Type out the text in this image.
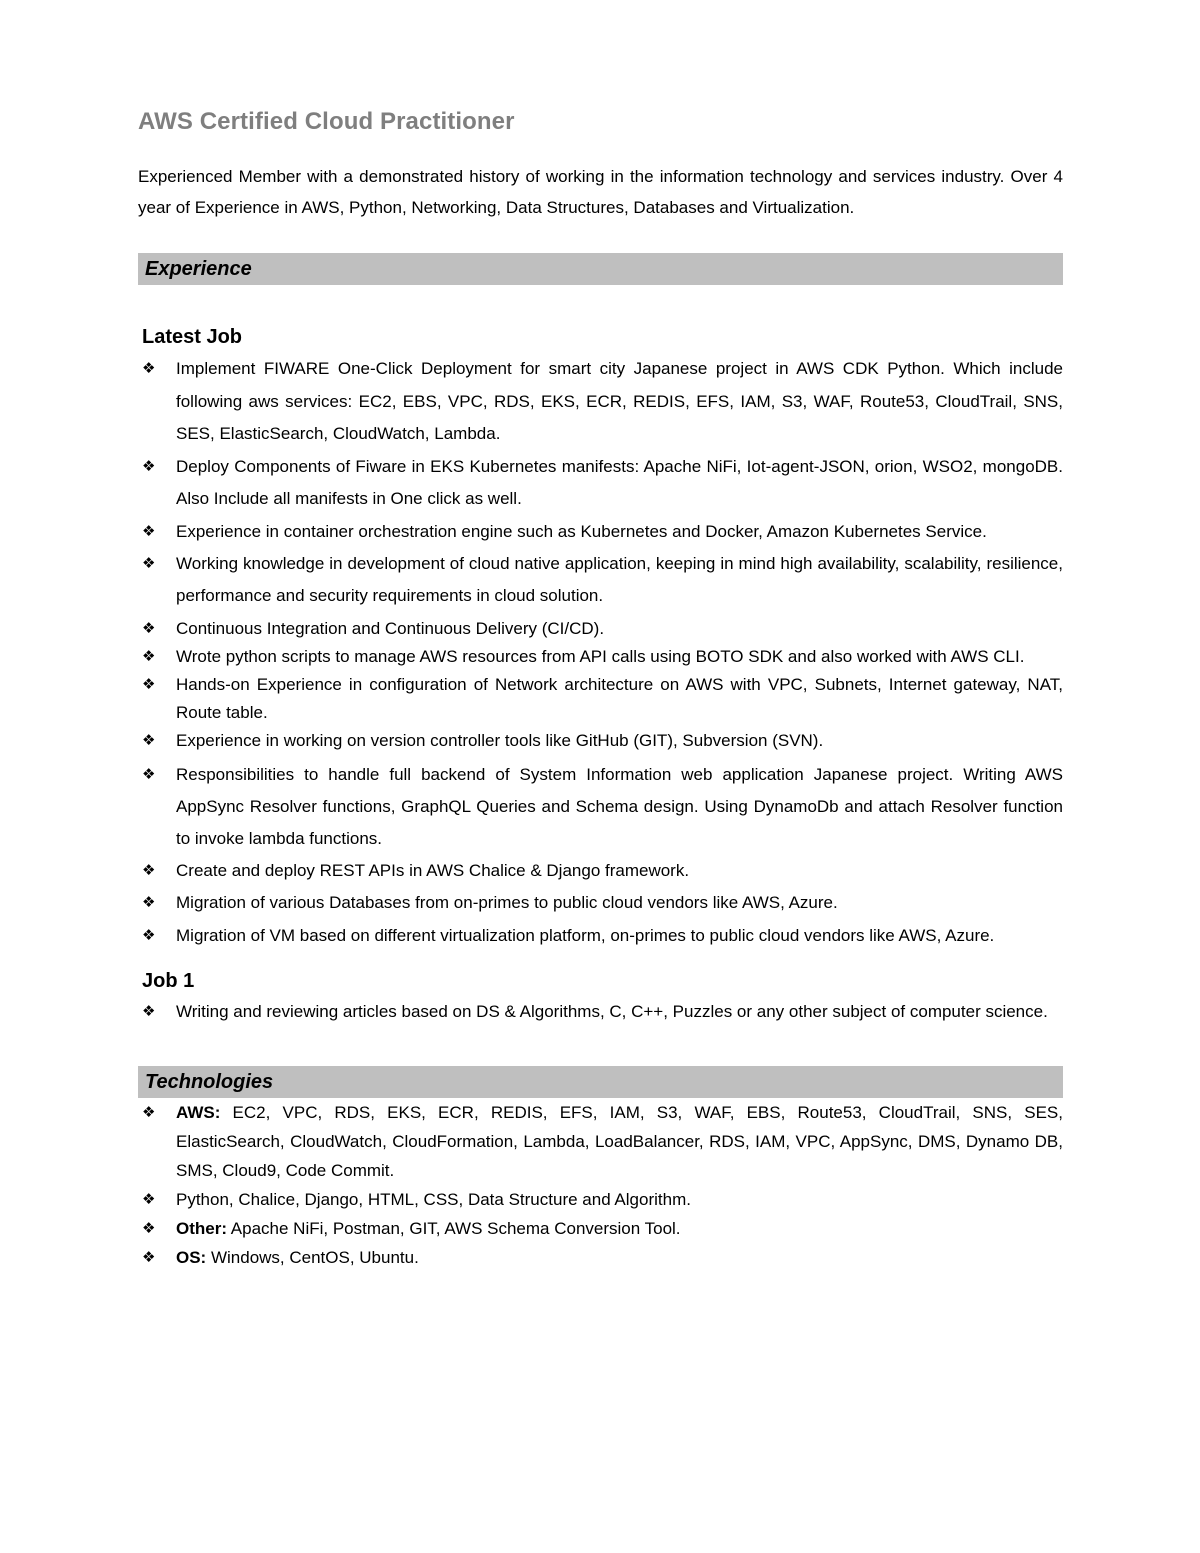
AWS Certified Cloud Practitioner

Experienced Member with a demonstrated history of working in the information technology and services industry. Over 4 year of Experience in AWS, Python, Networking, Data Structures, Databases and Virtualization.

Experience
Latest Job
❖ Implement FIWARE One-Click Deployment for smart city Japanese project in AWS CDK Python. Which include following aws services: EC2, EBS, VPC, RDS, EKS, ECR, REDIS, EFS, IAM, S3, WAF, Route53, CloudTrail, SNS, SES, ElasticSearch, CloudWatch, Lambda.
❖ Deploy Components of Fiware in EKS Kubernetes manifests: Apache NiFi, Iot-agent-JSON, orion, WSO2, mongoDB. Also Include all manifests in One click as well.
❖ Experience in container orchestration engine such as Kubernetes and Docker, Amazon Kubernetes Service.
❖ Working knowledge in development of cloud native application, keeping in mind high availability, scalability, resilience, performance and security requirements in cloud solution.
❖ Continuous Integration and Continuous Delivery (CI/CD).
❖ Wrote python scripts to manage AWS resources from API calls using BOTO SDK and also worked with AWS CLI.
❖ Hands-on Experience in configuration of Network architecture on AWS with VPC, Subnets, Internet gateway, NAT, Route table.
❖ Experience in working on version controller tools like GitHub (GIT), Subversion (SVN).
❖ Responsibilities to handle full backend of System Information web application Japanese project. Writing AWS AppSync Resolver functions, GraphQL Queries and Schema design. Using DynamoDb and attach Resolver function to invoke lambda functions.
❖ Create and deploy REST APIs in AWS Chalice & Django framework.
❖ Migration of various Databases from on-primes to public cloud vendors like AWS, Azure.
❖ Migration of VM based on different virtualization platform, on-primes to public cloud vendors like AWS, Azure.
Job 1
❖ Writing and reviewing articles based on DS & Algorithms, C, C++, Puzzles or any other subject of computer science.
Technologies
❖ AWS: EC2, VPC, RDS, EKS, ECR, REDIS, EFS, IAM, S3, WAF, EBS, Route53, CloudTrail, SNS, SES, ElasticSearch, CloudWatch, CloudFormation, Lambda, LoadBalancer, RDS, IAM, VPC, AppSync, DMS, Dynamo DB, SMS, Cloud9, Code Commit.
❖ Python, Chalice, Django, HTML, CSS, Data Structure and Algorithm.
❖ Other: Apache NiFi, Postman, GIT, AWS Schema Conversion Tool.
❖ OS: Windows, CentOS, Ubuntu.
